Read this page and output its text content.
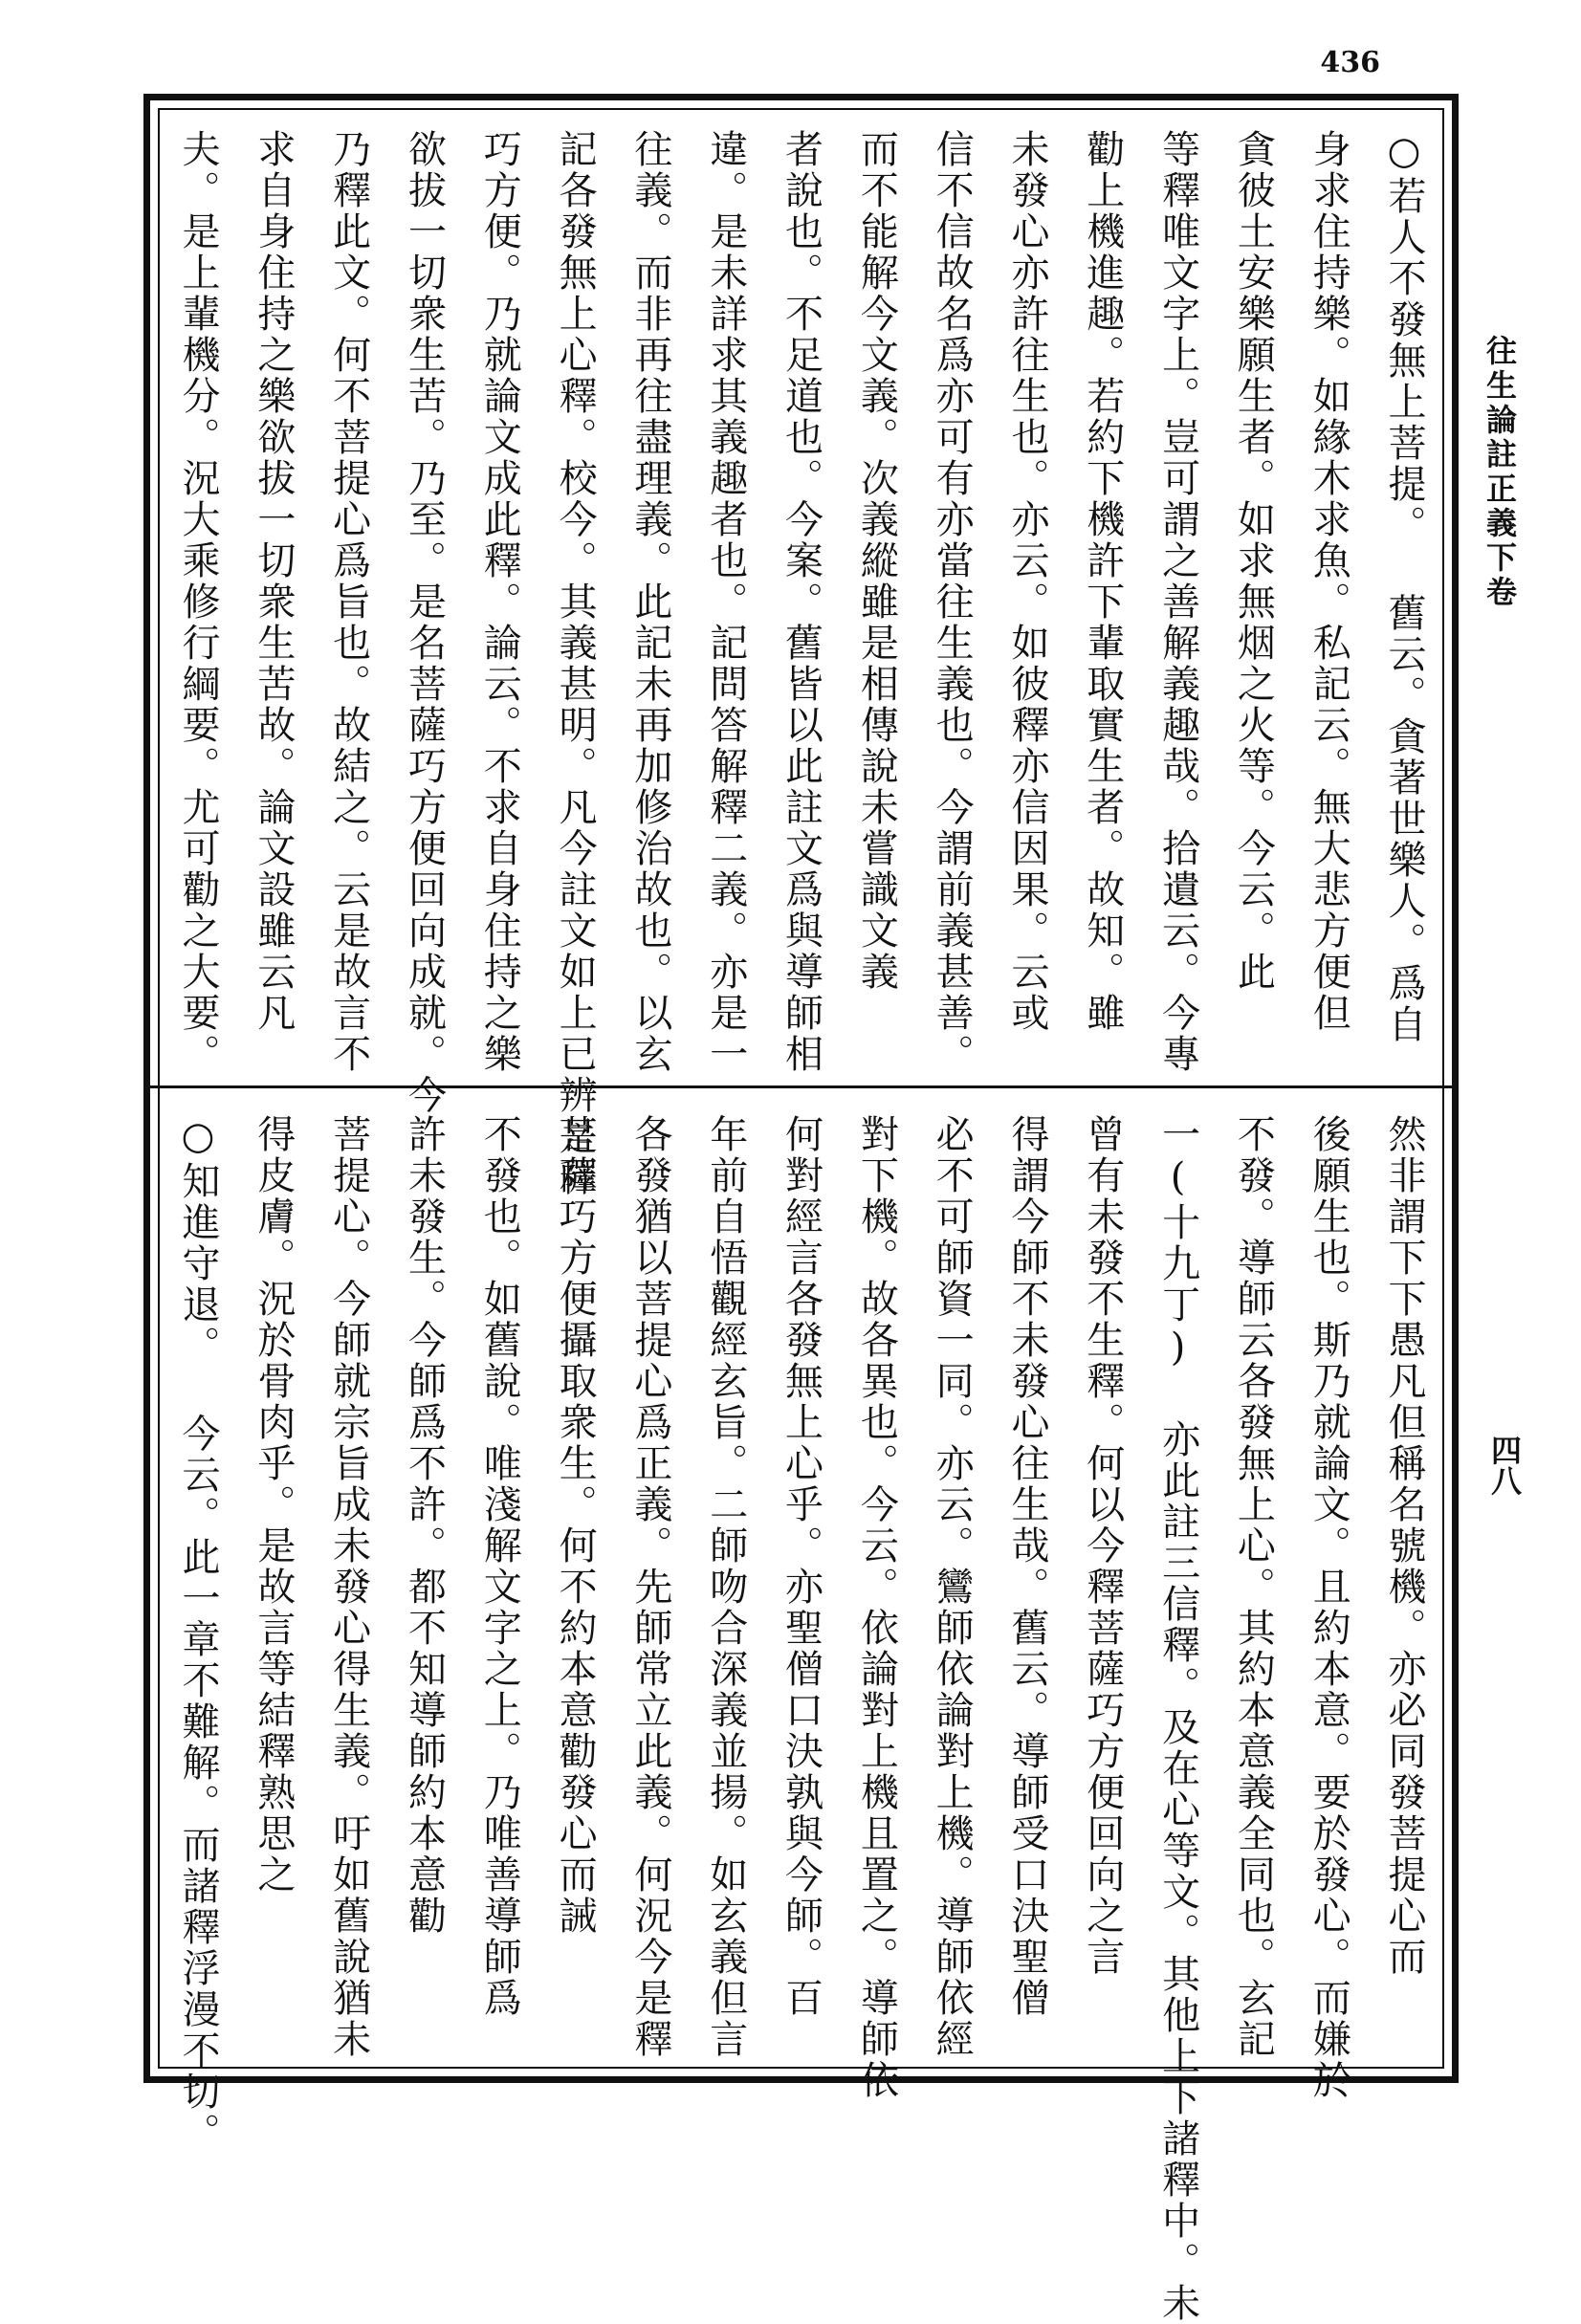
436
○若人不發無上菩提。 舊云。貪著世樂人。爲自
身求住持樂。如緣木求魚。私記云。無大悲方便但
貪彼土安樂願生者。如求無烟之火等。今云。此
等釋唯文字上。豈可謂之善解義趣哉。拾遺云。今專
勸上機進趣。若約下機許下輩取實生者。故知。雖
未發心亦許往生也。亦云。如彼釋亦信因果。云或
信不信故名爲亦可有亦當往生義也。今謂前義甚善。
而不能解今文義。次義縱雖是相傳說未嘗識文義
者說也。不足道也。今案。舊皆以此註文爲與導師相
違。是未詳求其義趣者也。記問答解釋二義。亦是一
往義。而非再往盡理義。此記未再加修治故也。以玄
記各發無上心釋。校今。其義甚明。凡今註文如上已辨是釋
巧方便。乃就論文成此釋。論云。不求自身住持之樂
欲拔一切衆生苦。乃至。是名菩薩巧方便回向成就。今
乃釋此文。何不菩提心爲旨也。故結之。云是故言不
求自身住持之樂欲拔一切衆生苦故。論文設雖云凡
夫。是上輩機分。況大乘修行綱要。尤可勸之大要。
然非謂下下愚凡但稱名號機。亦必同發菩提心而
後願生也。斯乃就論文。且約本意。要於發心。而嫌於
不發。導師云各發無上心。其約本意義全同也。玄記
一(十九丁) 亦此註三信釋。及在心等文。其他上下諸釋中。未
曾有未發不生釋。何以今釋菩薩巧方便回向之言
得謂今師不未發心往生哉。舊云。導師受口決聖僧
必不可師資一同。亦云。鸞師依論對上機。導師依經
對下機。故各異也。今云。依論對上機且置之。導師依
何對經言各發無上心乎。亦聖僧口決孰與今師。百
年前自悟觀經玄旨。二師吻合深義並揚。如玄義但言
各發猶以菩提心爲正義。先師常立此義。何況今是釋
菩薩巧方便攝取衆生。何不約本意勸發心而誡
不發也。如舊說。唯淺解文字之上。乃唯善導師爲
許未發生。今師爲不許。都不知導師約本意勸
菩提心。今師就宗旨成未發心得生義。吁如舊說猶未
得皮膚。況於骨肉乎。是故言等結釋熟思之
○知進守退。 今云。此一章不難解。而諸釋浮漫不切。
往生論註正義下卷
四八
